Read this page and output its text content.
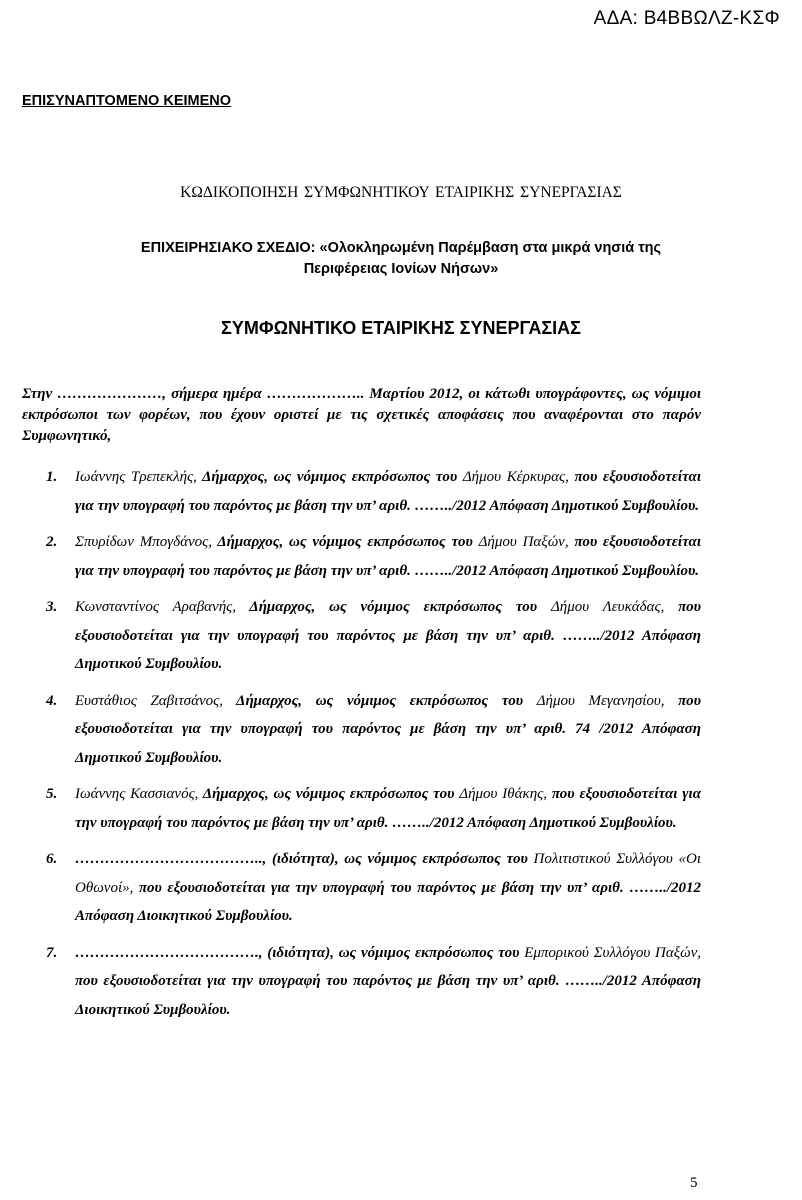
ΑΔΑ: Β4ΒΒΩΛΖ-ΚΣΦ
ΕΠΙΣΥΝΑΠΤΟΜΕΝΟ ΚΕΙΜΕΝΟ
ΚΩΔΙΚΟΠΟΙΗΣΗ ΣΥΜΦΩΝΗΤΙΚΟΥ ΕΤΑΙΡΙΚΗΣ ΣΥΝΕΡΓΑΣΙΑΣ
ΕΠΙΧΕΙΡΗΣΙΑΚΟ ΣΧΕΔΙΟ: «Ολοκληρωμένη Παρέμβαση στα μικρά νησιά της
Περιφέρειας Ιονίων Νήσων»
ΣΥΜΦΩΝΗΤΙΚΟ ΕΤΑΙΡΙΚΗΣ ΣΥΝΕΡΓΑΣΙΑΣ
Στην …………………, σήμερα ημέρα ……………….. Μαρτίου 2012, οι κάτωθι υπογράφοντες, ως νόμιμοι εκπρόσωποι των φορέων, που έχουν οριστεί με τις σχετικές αποφάσεις που αναφέρονται στο παρόν Συμφωνητικό,
1. Ιωάννης Τρεπεκλής, Δήμαρχος, ως νόμιμος εκπρόσωπος του Δήμου Κέρκυρας, που εξουσιοδοτείται για την υπογραφή του παρόντος με βάση την υπ’ αριθ. ……../2012 Απόφαση Δημοτικού Συμβουλίου.
2. Σπυρίδων Μπογδάνος, Δήμαρχος, ως νόμιμος εκπρόσωπος του Δήμου Παξών, που εξουσιοδοτείται για την υπογραφή του παρόντος με βάση την υπ’ αριθ. ……../2012 Απόφαση Δημοτικού Συμβουλίου.
3. Κωνσταντίνος Αραβανής, Δήμαρχος, ως νόμιμος εκπρόσωπος του Δήμου Λευκάδας, που εξουσιοδοτείται για την υπογραφή του παρόντος με βάση την υπ’ αριθ. ……../2012 Απόφαση Δημοτικού Συμβουλίου.
4. Ευστάθιος Ζαβιτσάνος, Δήμαρχος, ως νόμιμος εκπρόσωπος του Δήμου Μεγανησίου, που εξουσιοδοτείται για την υπογραφή του παρόντος με βάση την υπ’ αριθ. 74 /2012 Απόφαση Δημοτικού Συμβουλίου.
5. Ιωάννης Κασσιανός, Δήμαρχος, ως νόμιμος εκπρόσωπος του Δήμου Ιθάκης, που εξουσιοδοτείται για την υπογραφή του παρόντος με βάση την υπ’ αριθ. ……../2012 Απόφαση Δημοτικού Συμβουλίου.
6. ……………………………….., (ιδιότητα), ως νόμιμος εκπρόσωπος του Πολιτιστικού Συλλόγου «Οι Οθωνοί», που εξουσιοδοτείται για την υπογραφή του παρόντος με βάση την υπ’ αριθ. ……../2012 Απόφαση Διοικητικού Συμβουλίου.
7. ………………………………., (ιδιότητα), ως νόμιμος εκπρόσωπος του Εμπορικού Συλλόγου Παξών, που εξουσιοδοτείται για την υπογραφή του παρόντος με βάση την υπ’ αριθ. ……../2012 Απόφαση Διοικητικού Συμβουλίου.
5
